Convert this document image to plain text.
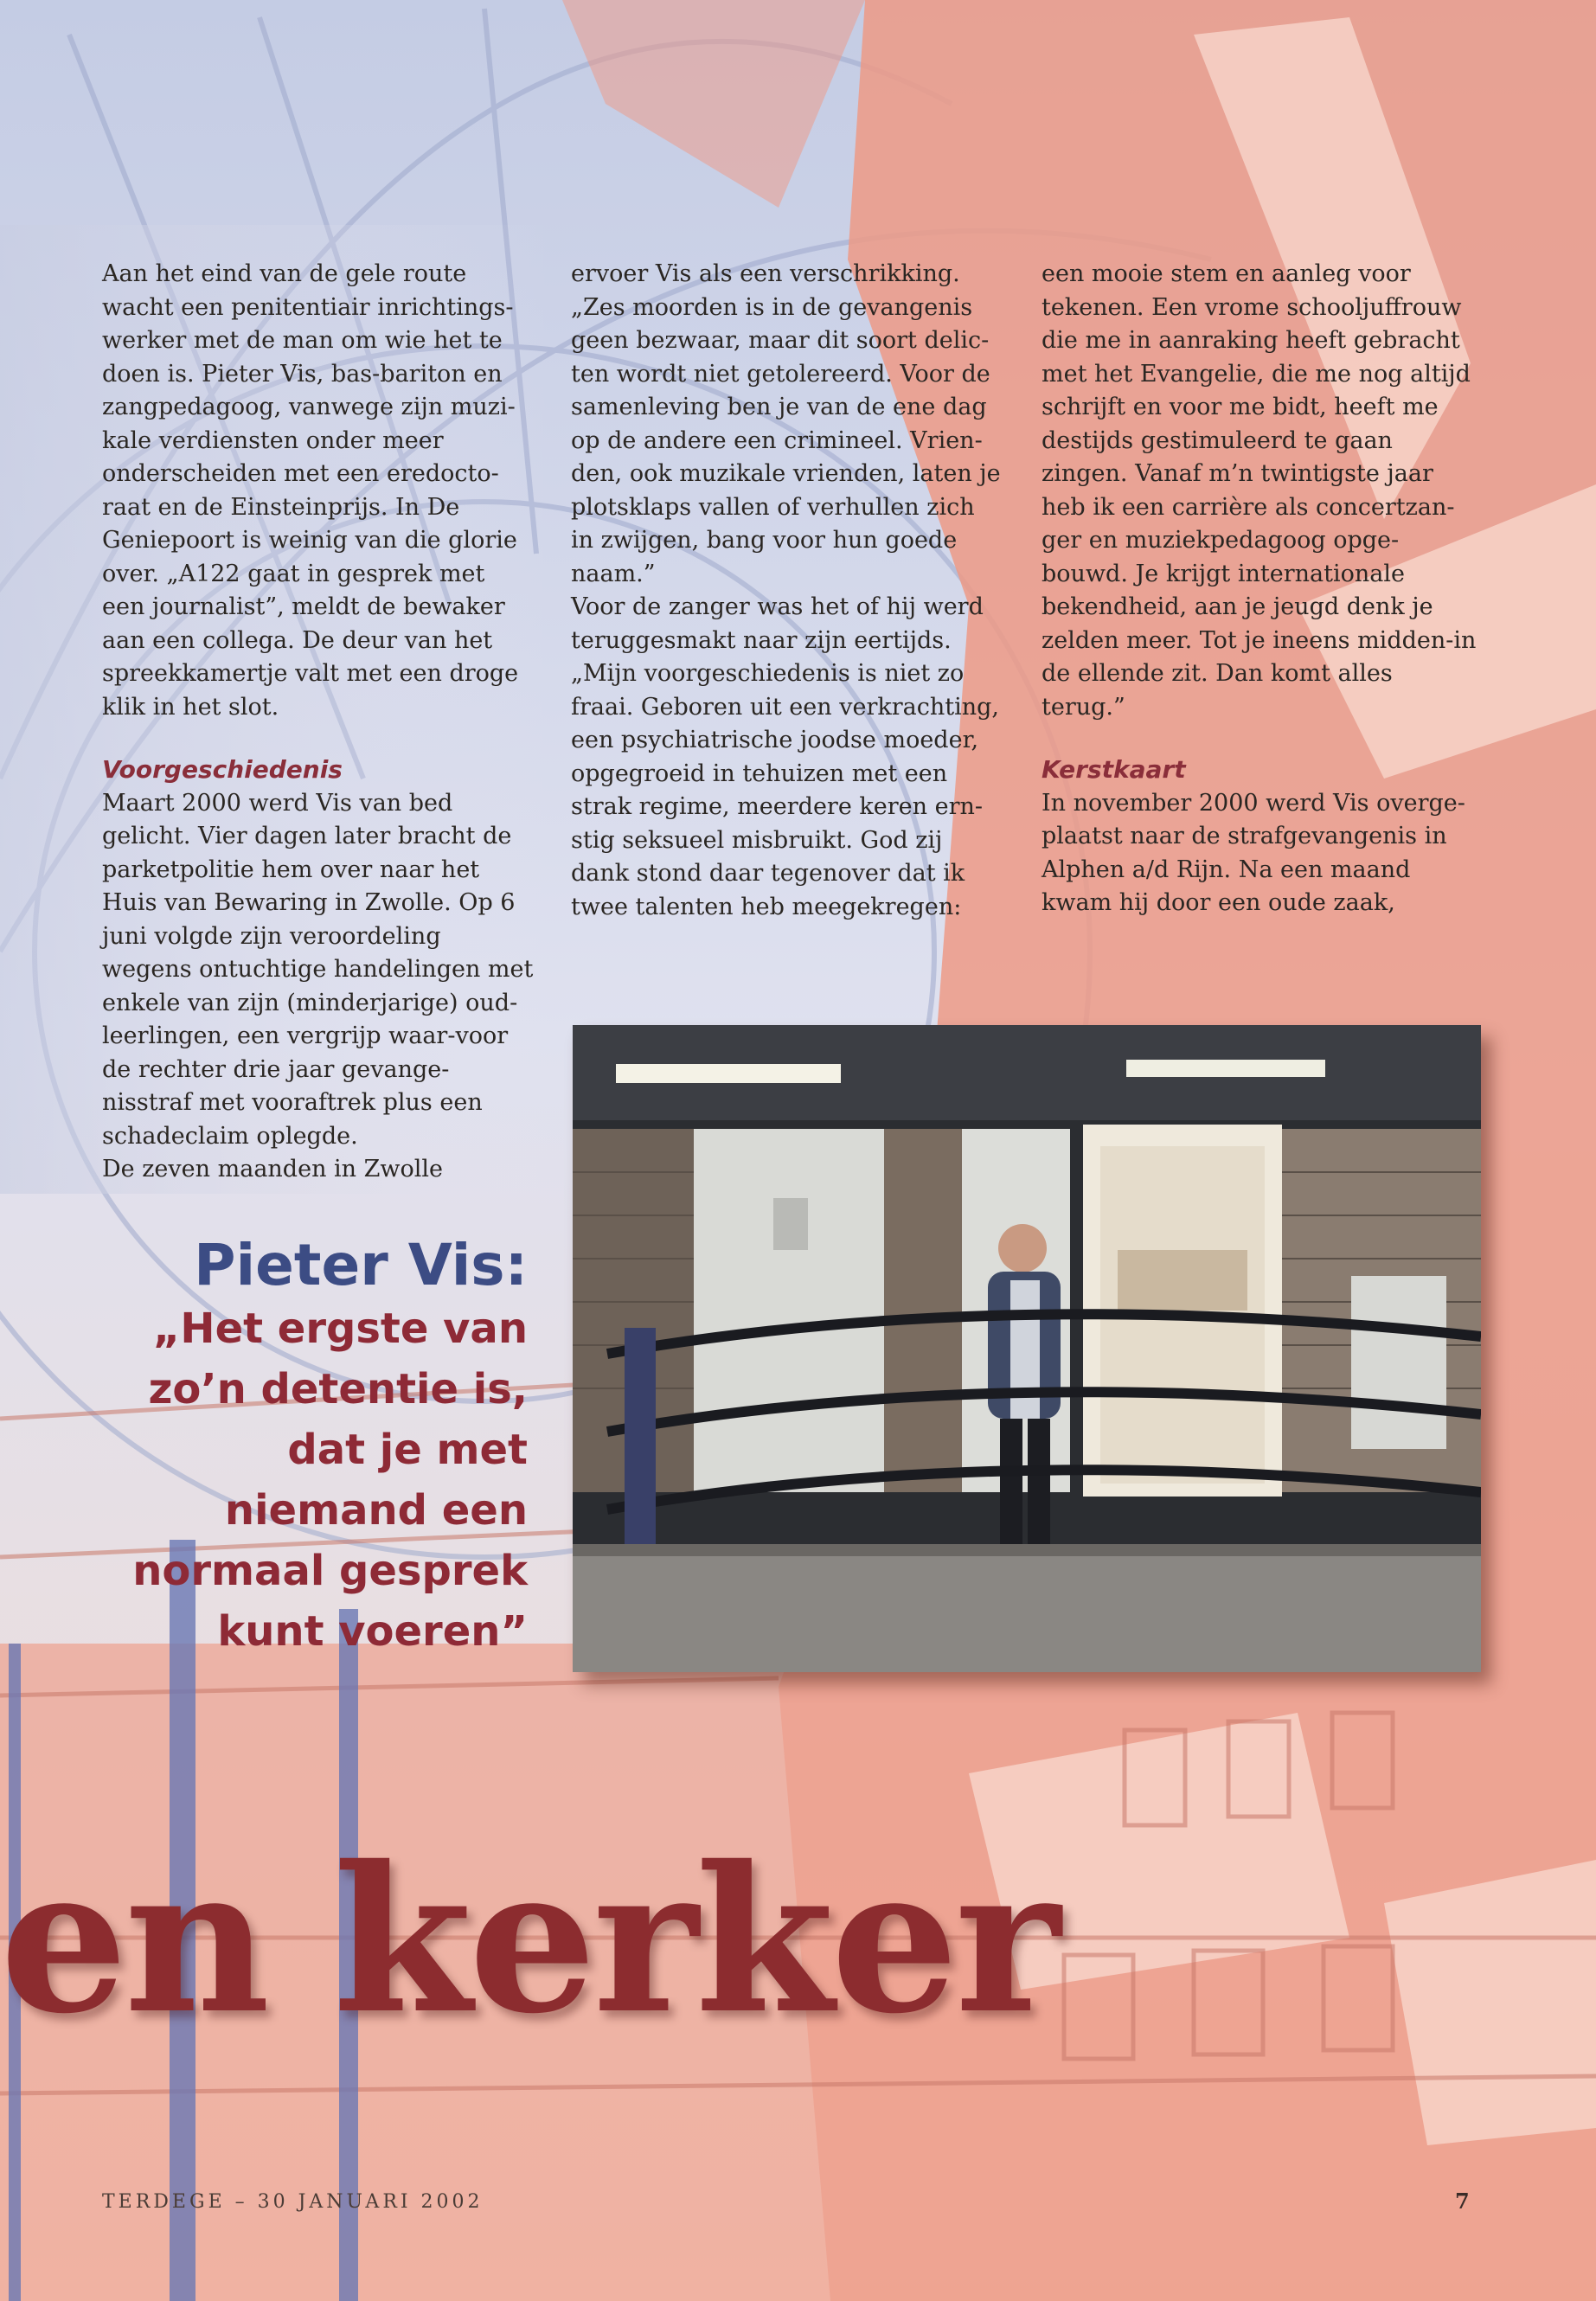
Aan het eind van de gele route wacht een penitentiair inrichtings-werker met de man om wie het te doen is. Pieter Vis, bas-bariton en zangpedagoog, vanwege zijn muzi-kale verdiensten onder meer onderscheiden met een eredocto-raat en de Einsteinprijs. In De Geniepoort is weinig van die glorie over. „A122 gaat in gesprek met een journalist”, meldt de bewaker aan een collega. De deur van het spreekkamertje valt met een droge klik in het slot.

Voorgeschiedenis

Maart 2000 werd Vis van bed gelicht. Vier dagen later bracht de parketpolitie hem over naar het Huis van Bewaring in Zwolle. Op 6 juni volgde zijn veroordeling wegens ontuchtige handelingen met enkele van zijn (minderjarige) oud-leerlingen, een vergrijp waar-voor de rechter drie jaar gevange-nisstraf met vooraftrek plus een schadeclaim oplegde.

De zeven maanden in Zwolle

ervoer Vis als een verschrikking. „Zes moorden is in de gevangenis geen bezwaar, maar dit soort delic-ten wordt niet getolereerd. Voor de samenleving ben je van de ene dag op de andere een crimineel. Vrien-den, ook muzikale vrienden, laten je plotsklaps vallen of verhullen zich in zwijgen, bang voor hun goede naam.”

Voor de zanger was het of hij werd teruggesmakt naar zijn eertijds. „Mijn voorgeschiedenis is niet zo fraai. Geboren uit een verkrachting, een psychiatrische joodse moeder, opgegroeid in tehuizen met een strak regime, meerdere keren ern-stig seksueel misbruikt. God zij dank stond daar tegenover dat ik twee talenten heb meegekregen:

een mooie stem en aanleg voor tekenen. Een vrome schooljuffrouw die me in aanraking heeft gebracht met het Evangelie, die me nog altijd schrijft en voor me bidt, heeft me destijds gestimuleerd te gaan zingen. Vanaf m’n twintigste jaar heb ik een carrière als concertzan-ger en muziekpedagoog opge-bouwd. Je krijgt internationale bekendheid, aan je jeugd denk je zelden meer. Tot je ineens midden-in de ellende zit. Dan komt alles terug.”

Kerstkaart

In november 2000 werd Vis overge-plaatst naar de strafgevangenis in Alphen a/d Rijn. Na een maand kwam hij door een oude zaak,

Pieter Vis:
„Het ergste van
zo’n detentie is,
dat je met
niemand een
normaal gesprek
kunt voeren”
en kerker
TERDEGE – 30 JANUARI 2002	7
